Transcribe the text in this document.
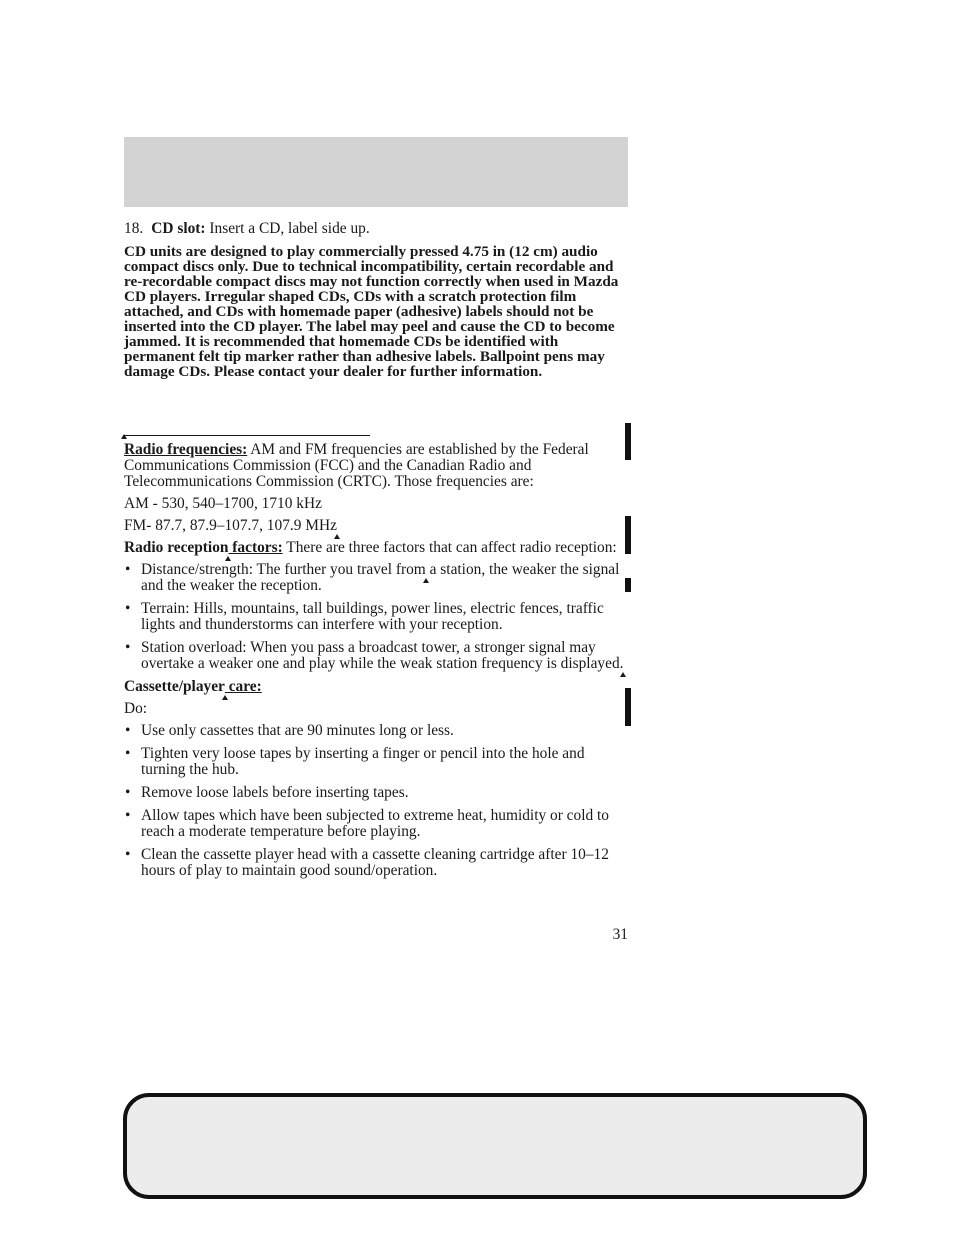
18. CD slot: Insert a CD, label side up.

CD units are designed to play commercially pressed 4.75 in (12 cm) audio compact discs only. Due to technical incompatibility, certain recordable and re-recordable compact discs may not function correctly when used in Mazda CD players. Irregular shaped CDs, CDs with a scratch protection film attached, and CDs with homemade paper (adhesive) labels should not be inserted into the CD player. The label may peel and cause the CD to become jammed. It is recommended that homemade CDs be identified with permanent felt tip marker rather than adhesive labels. Ballpoint pens may damage CDs. Please contact your dealer for further information.

Radio frequencies: AM and FM frequencies are established by the Federal Communications Commission (FCC) and the Canadian Radio and Telecommunications Commission (CRTC). Those frequencies are:

AM - 530, 540–1700, 1710 kHz

FM- 87.7, 87.9–107.7, 107.9 MHz

Radio reception factors: There are three factors that can affect radio reception:

• Distance/strength: The further you travel from a station, the weaker the signal and the weaker the reception.
• Terrain: Hills, mountains, tall buildings, power lines, electric fences, traffic lights and thunderstorms can interfere with your reception.
• Station overload: When you pass a broadcast tower, a stronger signal may overtake a weaker one and play while the weak station frequency is displayed.

Cassette/player care:

Do:

• Use only cassettes that are 90 minutes long or less.
• Tighten very loose tapes by inserting a finger or pencil into the hole and turning the hub.
• Remove loose labels before inserting tapes.
• Allow tapes which have been subjected to extreme heat, humidity or cold to reach a moderate temperature before playing.
• Clean the cassette player head with a cassette cleaning cartridge after 10–12 hours of play to maintain good sound/operation.
31
